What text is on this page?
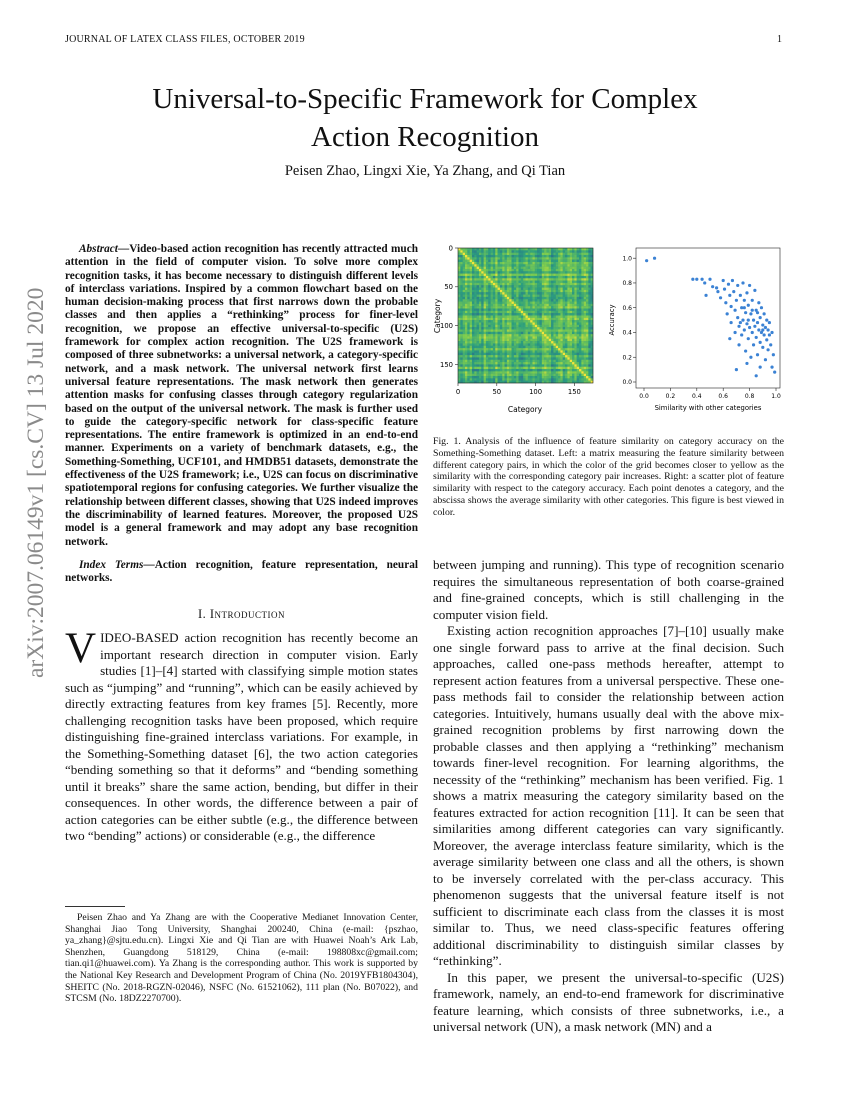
JOURNAL OF LATEX CLASS FILES, OCTOBER 2019	1
arXiv:2007.06149v1 [cs.CV] 13 Jul 2020
Universal-to-Specific Framework for Complex
Action Recognition
Peisen Zhao, Lingxi Xie, Ya Zhang, and Qi Tian

Abstract—Video-based action recognition has recently attracted much attention in the field of computer vision. To solve more complex recognition tasks, it has become necessary to distinguish different levels of interclass variations. Inspired by a common flowchart based on the human decision-making process that first narrows down the probable classes and then applies a “rethinking” process for finer-level recognition, we propose an effective universal-to-specific (U2S) framework for complex action recognition. The U2S framework is composed of three subnetworks: a universal network, a category-specific network, and a mask network. The universal network first learns universal feature representations. The mask network then generates attention masks for confusing classes through category regularization based on the output of the universal network. The mask is further used to guide the category-specific network for class-specific feature representations. The entire framework is optimized in an end-to-end manner. Experiments on a variety of benchmark datasets, e.g., the Something-Something, UCF101, and HMDB51 datasets, demonstrate the effectiveness of the U2S framework; i.e., U2S can focus on discriminative spatiotemporal regions for confusing categories. We further visualize the relationship between different classes, showing that U2S indeed improves the discriminability of learned features. Moreover, the proposed U2S model is a general framework and may adopt any base recognition network.

Index Terms—Action recognition, feature representation, neural networks.

I. Introduction

VIDEO-BASED action recognition has recently become an important research direction in computer vision. Early studies [1]–[4] started with classifying simple motion states such as “jumping” and “running”, which can be easily achieved by directly extracting features from key frames [5]. Recently, more challenging recognition tasks have been proposed, which require distinguishing fine-grained interclass variations. For example, in the Something-Something dataset [6], the two action categories “bending something so that it deforms” and “bending something until it breaks” share the same action, bending, but differ in their consequences. In other words, the difference between a pair of action categories can be either subtle (e.g., the difference between two “bending” actions) or considerable (e.g., the difference

Peisen Zhao and Ya Zhang are with the Cooperative Medianet Innovation Center, Shanghai Jiao Tong University, Shanghai 200240, China (e-mail: {pszhao, ya_zhang}@sjtu.edu.cn). Lingxi Xie and Qi Tian are with Huawei Noah’s Ark Lab, Shenzhen, Guangdong 518129, China (e-mail: 198808xc@gmail.com; tian.qi1@huawei.com). Ya Zhang is the corresponding author. This work is supported by the National Key Research and Development Program of China (No. 2019YFB1804304), SHEITC (No. 2018-RGZN-02046), NSFC (No. 61521062), 111 plan (No. B07022), and STCSM (No. 18DZ2270700).

0	50	100	150
0
50
100
150
Category
Category
0.0	0.2	0.4	0.6	0.8	1.0
0.0
0.2
0.4
0.6
0.8
1.0
Similarity with other categories
Accuracy
Fig. 1. Analysis of the influence of feature similarity on category accuracy on the Something-Something dataset. Left: a matrix measuring the feature similarity between different category pairs, in which the color of the grid becomes closer to yellow as the similarity with the corresponding category pair increases. Right: a scatter plot of feature similarity with respect to the category accuracy. Each point denotes a category, and the abscissa shows the average similarity with other categories. This figure is best viewed in color.

between jumping and running). This type of recognition scenario requires the simultaneous representation of both coarse-grained and fine-grained concepts, which is still challenging in the computer vision field.

Existing action recognition approaches [7]–[10] usually make one single forward pass to arrive at the final decision. Such approaches, called one-pass methods hereafter, attempt to represent action features from a universal perspective. These one-pass methods fail to consider the relationship between action categories. Intuitively, humans usually deal with the above mix-grained recognition problems by first narrowing down the probable classes and then applying a “rethinking” mechanism towards finer-level recognition. For learning algorithms, the necessity of the “rethinking” mechanism has been verified. Fig. 1 shows a matrix measuring the category similarity based on the features extracted for action recognition [11]. It can be seen that similarities among different categories can vary significantly. Moreover, the average interclass feature similarity, which is the average similarity between one class and all the others, is shown to be inversely correlated with the per-class accuracy. This phenomenon suggests that the universal feature itself is not sufficient to discriminate each class from the classes it is most similar to. Thus, we need class-specific features offering additional discriminability to distinguish similar classes by “rethinking”.

In this paper, we present the universal-to-specific (U2S) framework, namely, an end-to-end framework for discriminative feature learning, which consists of three subnetworks, i.e., a universal network (UN), a mask network (MN) and a
